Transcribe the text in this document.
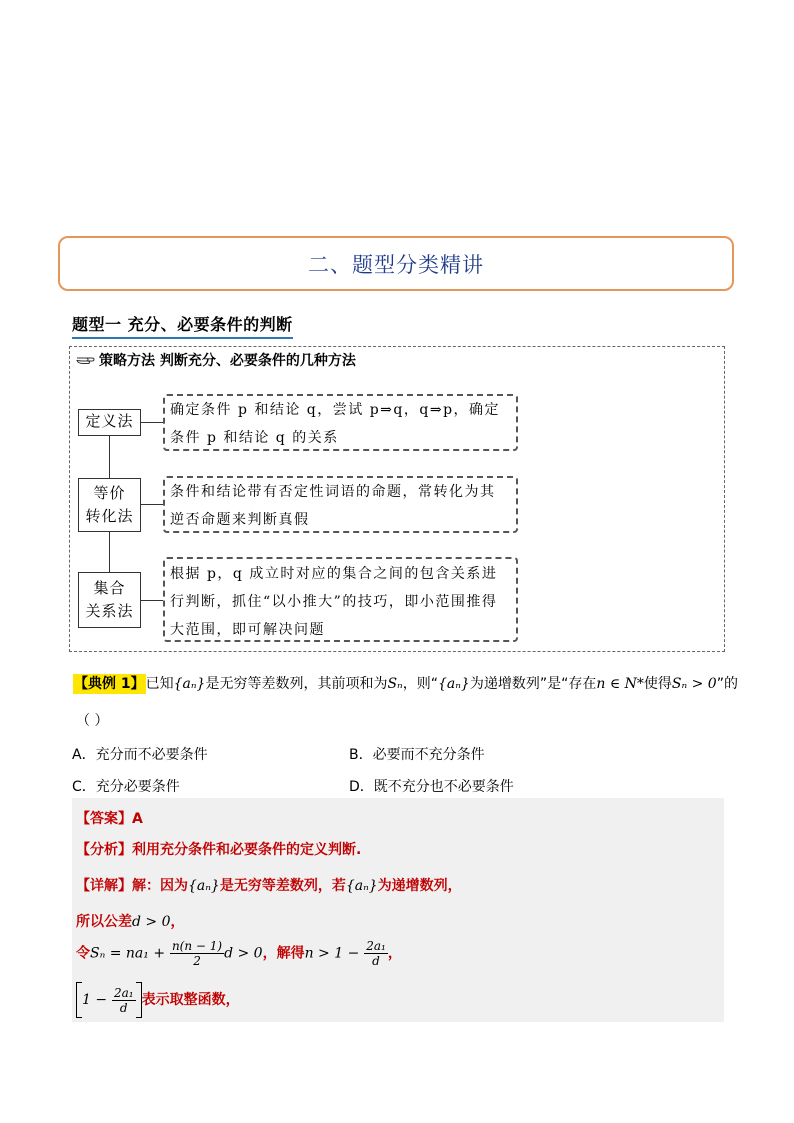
二、题型分类精讲
题型一 充分、必要条件的判断
策略方法 判断充分、必要条件的几种方法
定义法
等价
转化法
集合
关系法
确定条件 p 和结论 q，尝试 p⇒q，q⇒p，确定条件 p 和结论 q 的关系
条件和结论带有否定性词语的命题，常转化为其逆否命题来判断真假
根据 p，q 成立时对应的集合之间的包含关系进行判断，抓住“以小推大”的技巧，即小范围推得大范围，即可解决问题
【典例 1】已知{aₙ}是无穷等差数列，其前项和为Sₙ，则“{aₙ}为递增数列”是“存在n ∈ N*使得Sₙ > 0”的
（ ）
A．充分而不必要条件	B．必要而不充分条件
C．充分必要条件	D．既不充分也不必要条件
【答案】A
【分析】利用充分条件和必要条件的定义判断.
【详解】解：因为{aₙ}是无穷等差数列，若{aₙ}为递增数列，
所以公差d > 0，
令$S_n = na_1 + \frac{n(n - 1)}{2}$ d > 0，解得$n > 1 - \frac{\text{2a₁}}{d}$ ，
$1 - \frac{\text{2a₁}}{d}$ 表示取整函数，
